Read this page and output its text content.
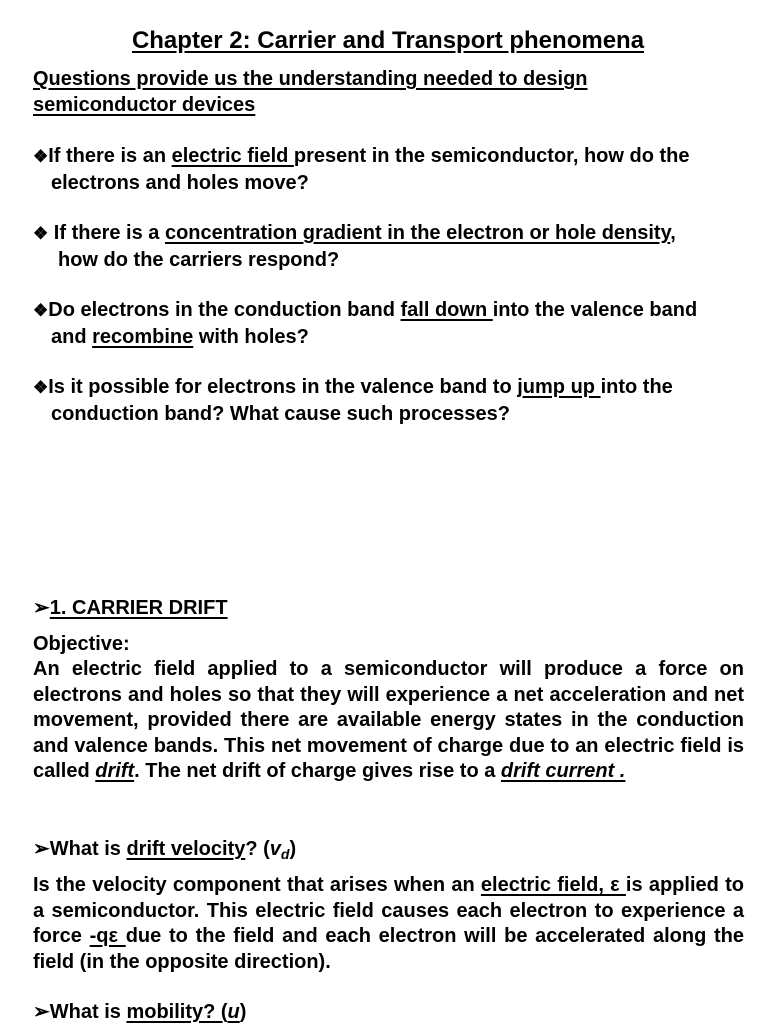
Chapter 2: Carrier and Transport phenomena
Questions provide us the understanding needed to design semiconductor devices
❖If there is an electric field present in the semiconductor, how do the
electrons and holes move?
❖ If there is a concentration gradient in the electron or hole density,
how do the carriers respond?
❖Do electrons in the conduction band fall down into the valence band
and recombine with holes?
❖Is it possible for electrons in the valence band to jump up into the
conduction band? What cause such processes?
➢1. CARRIER DRIFT
Objective:
An electric field applied to a semiconductor will produce a force on electrons and holes so that they will experience a net acceleration and net movement, provided there are available energy states in the conduction and valence bands. This net movement of charge due to an electric field is called drift. The net drift of charge gives rise to a drift current .
➢What is drift velocity? $(v_d)$
Is the velocity component that arises when an electric field, ε is applied to a semiconductor. This electric field causes each electron to experience a force -qε due to the field and each electron will be accelerated along the field (in the opposite direction).
➢What is mobility? (u)
